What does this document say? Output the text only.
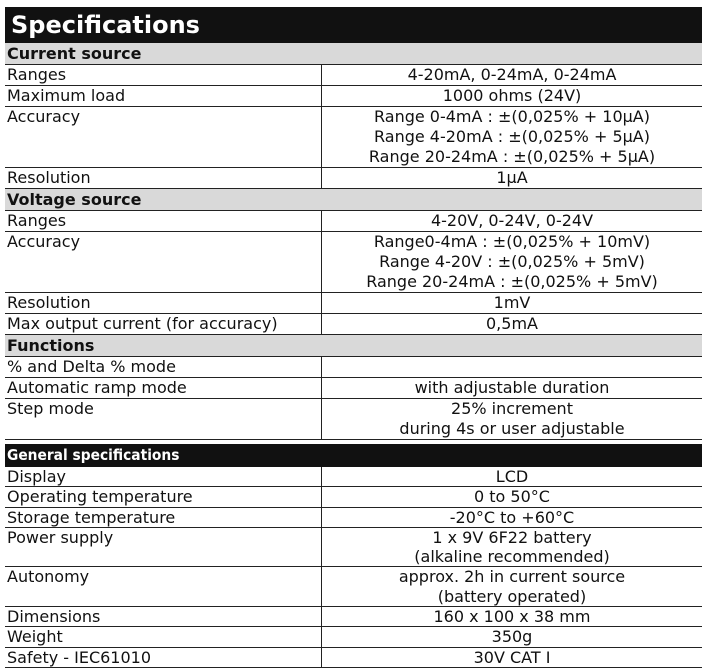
Specifications
Current source
Ranges	4-20mA, 0-24mA, 0-24mA
Maximum load	1000 ohms (24V)
Accuracy	Range 0-4mA : ±(0,025% + 10µA)
Range 4-20mA : ±(0,025% + 5µA)
Range 20-24mA : ±(0,025% + 5µA)
Resolution	1µA
Voltage source
Ranges	4-20V, 0-24V, 0-24V
Accuracy	Range0-4mA : ±(0,025% + 10mV)
Range 4-20V : ±(0,025% + 5mV)
Range 20-24mA : ±(0,025% + 5mV)
Resolution	1mV
Max output current (for accuracy)	0,5mA
Functions
% and Delta % mode

Automatic ramp mode	with adjustable duration
Step mode	25% increment
during 4s or user adjustable
General specifications
Display	LCD
Operating temperature	0 to 50°C
Storage temperature	-20°C to +60°C
Power supply	1 x 9V 6F22 battery
(alkaline recommended)
Autonomy	approx. 2h in current source
(battery operated)
Dimensions	160 x 100 x 38 mm
Weight	350g
Safety - IEC61010	30V CAT I
